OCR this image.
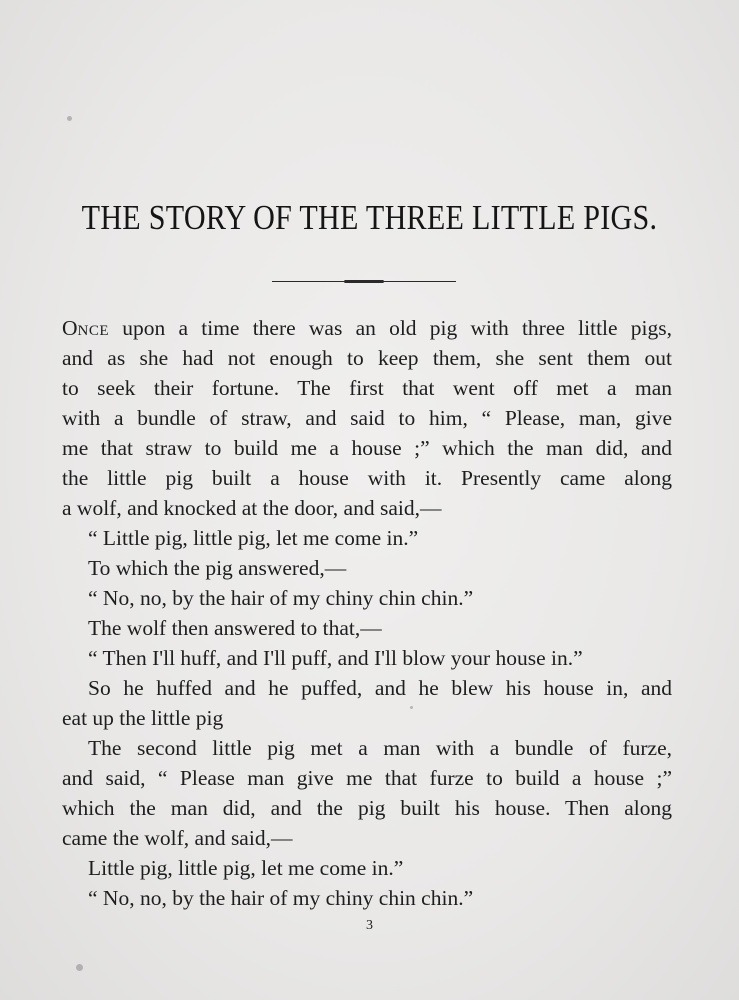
THE STORY OF THE THREE LITTLE PIGS.

ONCE upon a time there was an old pig with three little pigs,

and as she had not enough to keep them, she sent them out

to seek their fortune. The first that went off met a man

with a bundle of straw, and said to him, “ Please, man, give

me that straw to build me a house ;” which the man did, and

the little pig built a house with it. Presently came along

a wolf, and knocked at the door, and said,—

“ Little pig, little pig, let me come in.”

To which the pig answered,—

“ No, no, by the hair of my chiny chin chin.”

The wolf then answered to that,—

“ Then I'll huff, and I'll puff, and I'll blow your house in.”

So he huffed and he puffed, and he blew his house in, and

eat up the little pig

The second little pig met a man with a bundle of furze,

and said, “ Please man give me that furze to build a house ;”

which the man did, and the pig built his house. Then along

came the wolf, and said,—

Little pig, little pig, let me come in.”

“ No, no, by the hair of my chiny chin chin.”

3
